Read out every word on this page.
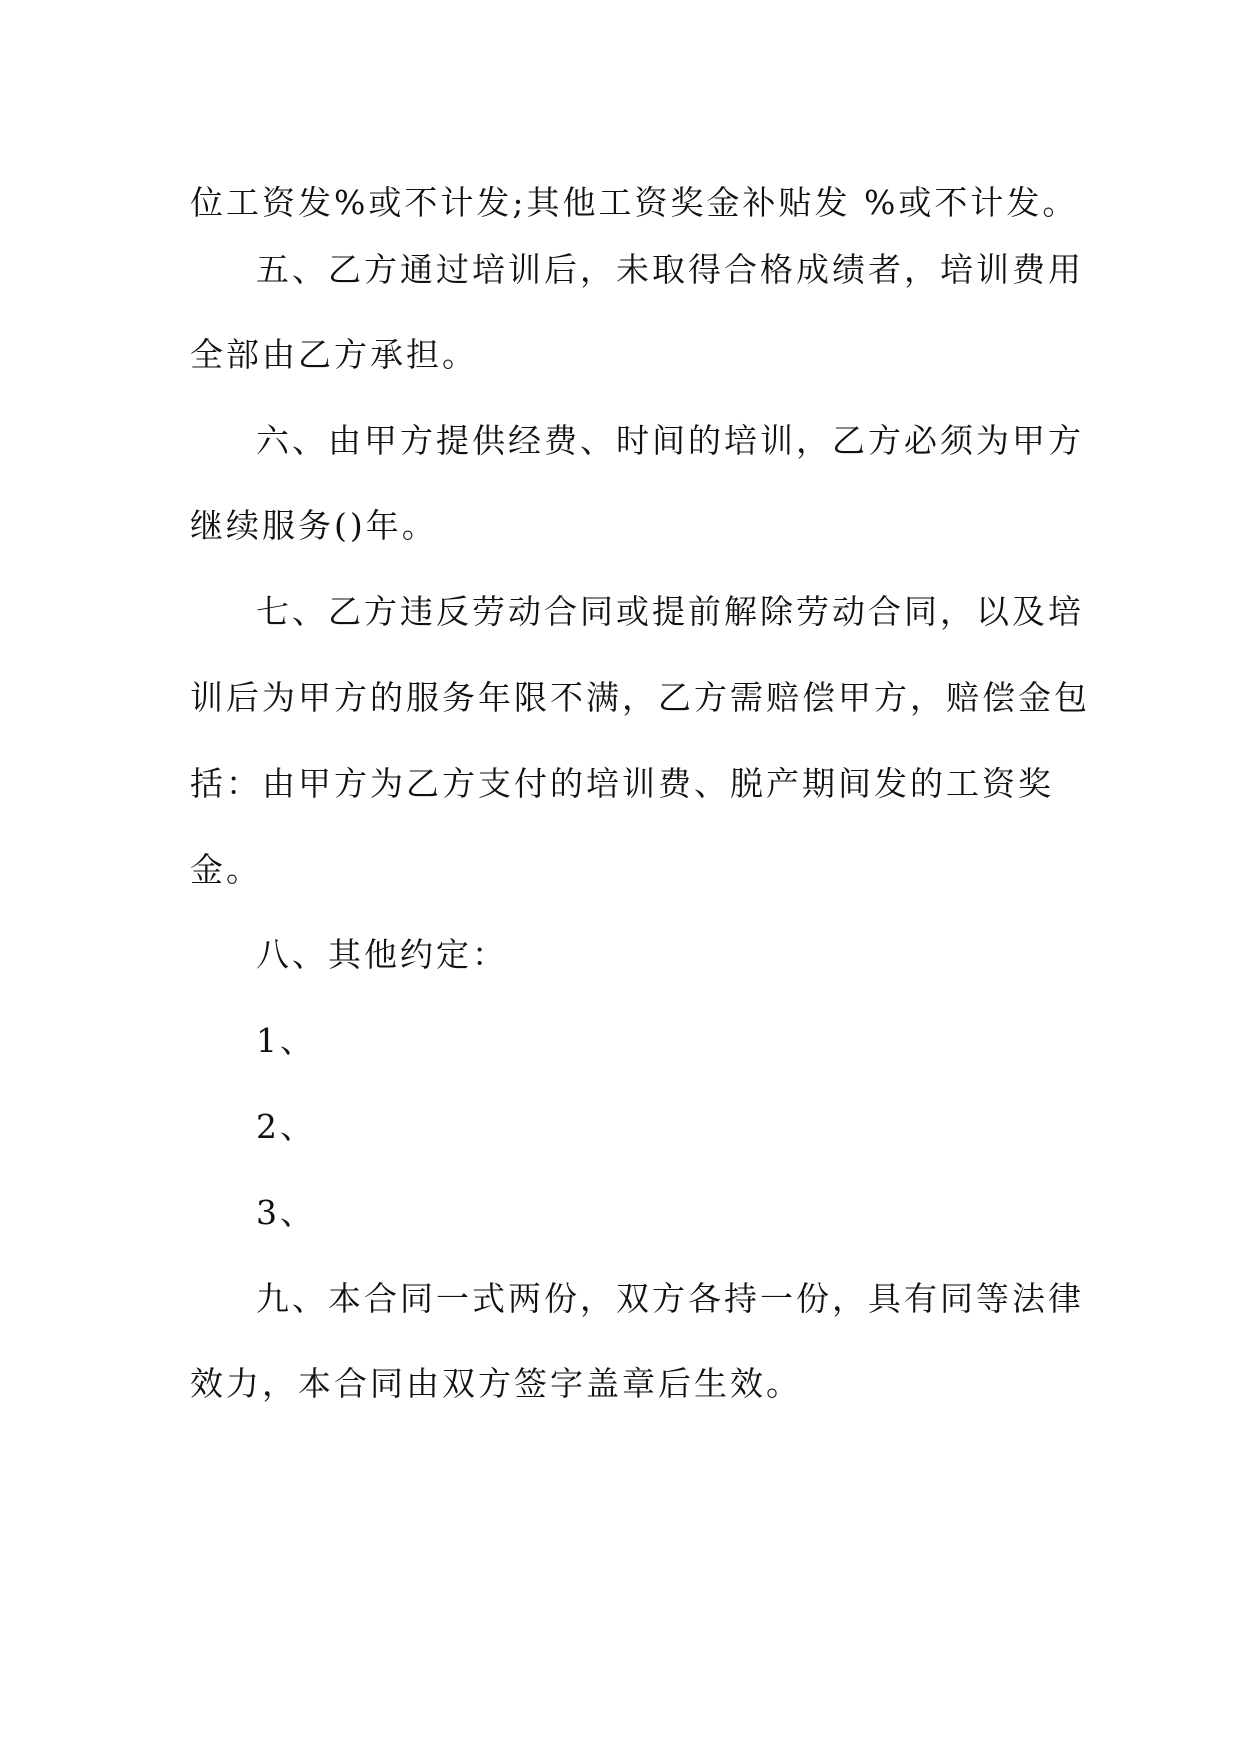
位工资发%或不计发;其他工资奖金补贴发 %或不计发。
五、乙方通过培训后，未取得合格成绩者，培训费用
全部由乙方承担。
六、由甲方提供经费、时间的培训，乙方必须为甲方
继续服务()年。
七、乙方违反劳动合同或提前解除劳动合同，以及培
训后为甲方的服务年限不满，乙方需赔偿甲方，赔偿金包
括：由甲方为乙方支付的培训费、脱产期间发的工资奖
金。
八、其他约定：
1、
2、
3、
九、本合同一式两份，双方各持一份，具有同等法律
效力，本合同由双方签字盖章后生效。
